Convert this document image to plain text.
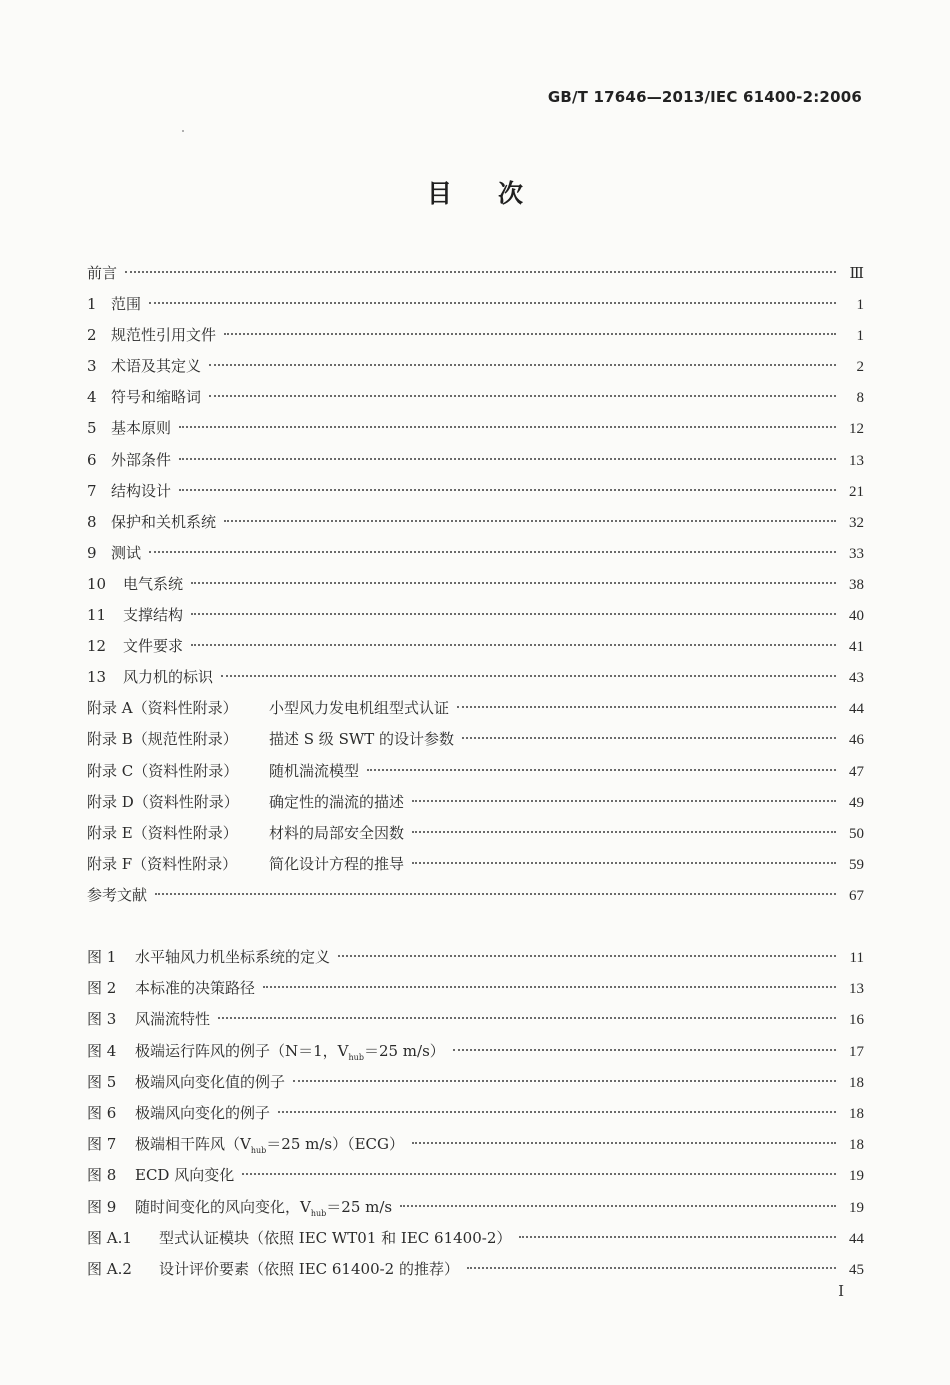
GB/T 17646—2013/IEC 61400-2:2006
目次
前言	Ⅲ
1 范围	1
2 规范性引用文件	1
3 术语及其定义	2
4 符号和缩略词	8
5 基本原则	12
6 外部条件	13
7 结构设计	21
8 保护和关机系统	32
9 测试	33
10	电气系统	38
11	支撑结构	40
12	文件要求	41
13	风力机的标识	43
附录 A（资料性附录）	小型风力发电机组型式认证	44
附录 B（规范性附录）	描述 S 级 SWT 的设计参数	46
附录 C（资料性附录）	随机湍流模型	47
附录 D（资料性附录）	确定性的湍流的描述	49
附录 E（资料性附录）	材料的局部安全因数	50
附录 F（资料性附录）	简化设计方程的推导	59
参考文献	67
图 1	水平轴风力机坐标系统的定义	11
图 2	本标准的决策路径	13
图 3	风湍流特性	16
图 4	极端运行阵风的例子（N＝1，$V_{hub}=25$ m/s）	17
图 5	极端风向变化值的例子	18
图 6	极端风向变化的例子	18
图 7	极端相干阵风（$V_{hub}=25$ m/s）（ECG）	18
图 8	ECD 风向变化	19
图 9	随时间变化的风向变化，$V_{hub}=25$ m/s	19
图 A.1	型式认证模块（依照 IEC WT01 和 IEC 61400-2）	44
图 A.2	设计评价要素（依照 IEC 61400-2 的推荐）	45
I
